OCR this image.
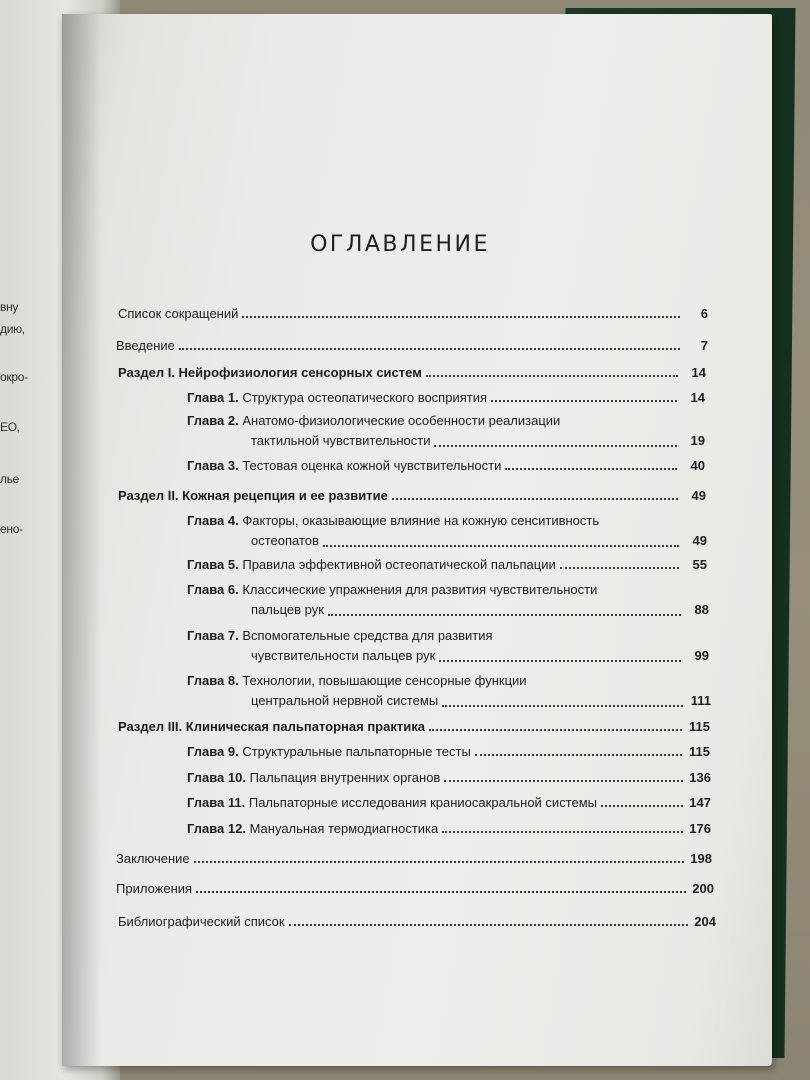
вну
дию,
окро-
ЕО,
лье
ено-
ОГЛАВЛЕНИЕ
Список сокращений	6
Введение	7
Раздел I. Нейрофизиология сенсорных систем	14
Глава 1. Структура остеопатического восприятия	14
Глава 2. Анатомо-физиологические особенности реализации
тактильной чувствительности	19
Глава 3. Тестовая оценка кожной чувствительности	40
Раздел II. Кожная рецепция и ее развитие	49
Глава 4. Факторы, оказывающие влияние на кожную сенситивность
остеопатов	49
Глава 5. Правила эффективной остеопатической пальпации	55
Глава 6. Классические упражнения для развития чувствительности
пальцев рук	88
Глава 7. Вспомогательные средства для развития
чувствительности пальцев рук	99
Глава 8. Технологии, повышающие сенсорные функции
центральной нервной системы	111
Раздел III. Клиническая пальпаторная практика	115
Глава 9. Структуральные пальпаторные тесты	115
Глава 10. Пальпация внутренних органов	136
Глава 11. Пальпаторные исследования краниосакральной системы	147
Глава 12. Мануальная термодиагностика	176
Заключение	198
Приложения	200
Библиографический список	204
